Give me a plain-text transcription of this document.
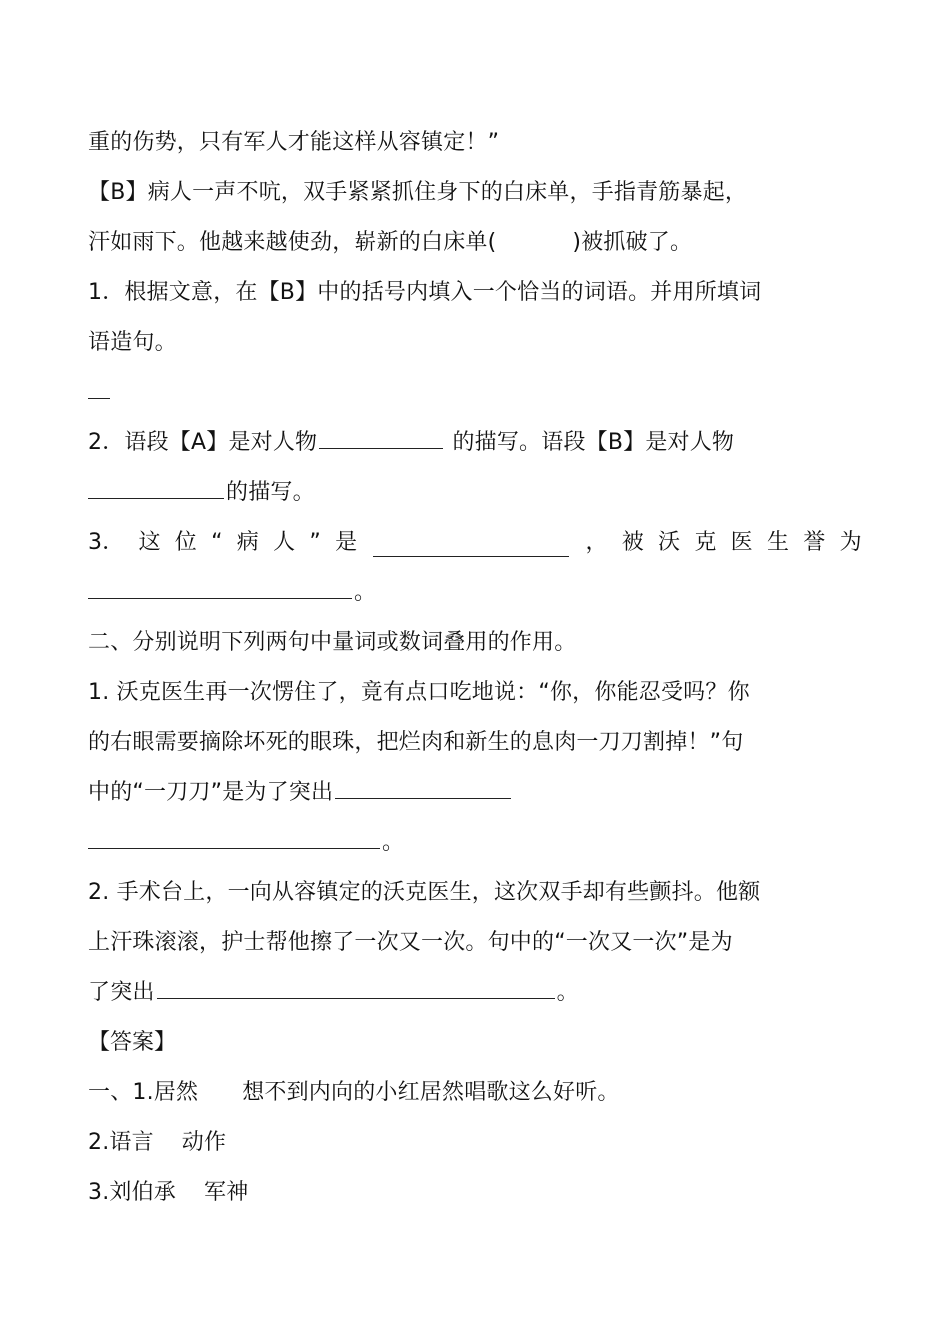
重的伤势，只有军人才能这样从容镇定！”
【B】病人一声不吭，双手紧紧抓住身下的白床单，手指青筋暴起，
汗如雨下。他越来越使劲，崭新的白床单(	)被抓破了。
1．根据文意，在【B】中的括号内填入一个恰当的词语。并用所填词
语造句。
2．语段【A】是对人物	的描写。语段【B】是对人物
的描写。
3． 这 位 “ 病 人 ” 是	， 被 沃 克 医 生 誉 为
。
二、分别说明下列两句中量词或数词叠用的作用。
1. 沃克医生再一次愣住了，竟有点口吃地说：“你，你能忍受吗？你
的右眼需要摘除坏死的眼珠，把烂肉和新生的息肉一刀刀割掉！”句
中的“一刀刀”是为了突出
。
2. 手术台上，一向从容镇定的沃克医生，这次双手却有些颤抖。他额
上汗珠滚滚，护士帮他擦了一次又一次。句中的“一次又一次”是为
了突出	。
【答案】
一、1.居然 想不到内向的小红居然唱歌这么好听。
2.语言 动作
3.刘伯承 军神
